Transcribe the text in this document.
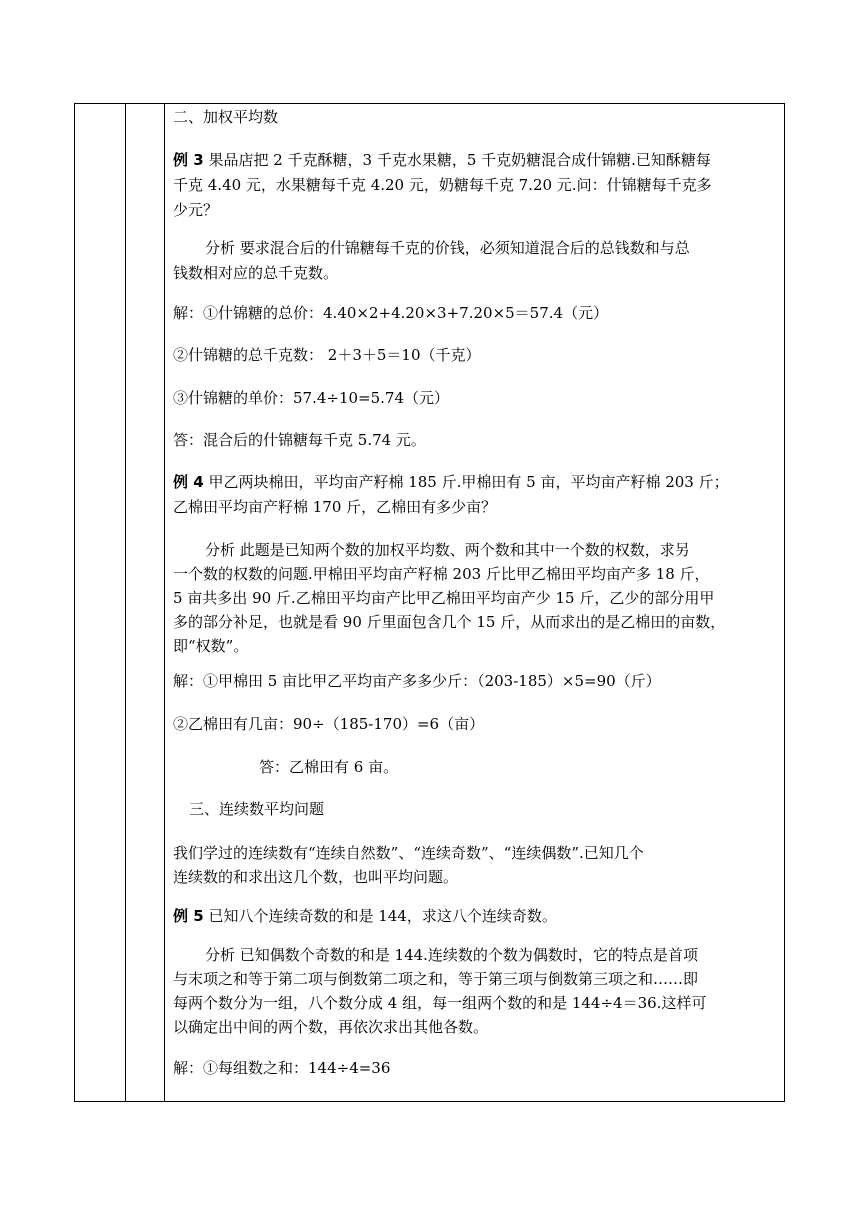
二、加权平均数
例 3 果品店把 2 千克酥糖，3 千克水果糖，5 千克奶糖混合成什锦糖.已知酥糖每
千克 4.40 元，水果糖每千克 4.20 元，奶糖每千克 7.20 元.问：什锦糖每千克多
少元？
分析 要求混合后的什锦糖每千克的价钱，必须知道混合后的总钱数和与总
钱数相对应的总千克数。
解：①什锦糖的总价：4.40×2+4.20×3+7.20×5＝57.4（元）
②什锦糖的总千克数： 2＋3＋5＝10（千克）
③什锦糖的单价：57.4÷10=5.74（元）
答：混合后的什锦糖每千克 5.74 元。
例 4 甲乙两块棉田，平均亩产籽棉 185 斤.甲棉田有 5 亩，平均亩产籽棉 203 斤；
乙棉田平均亩产籽棉 170 斤，乙棉田有多少亩？
分析 此题是已知两个数的加权平均数、两个数和其中一个数的权数，求另
一个数的权数的问题.甲棉田平均亩产籽棉 203 斤比甲乙棉田平均亩产多 18 斤，
5 亩共多出 90 斤.乙棉田平均亩产比甲乙棉田平均亩产少 15 斤，乙少的部分用甲
多的部分补足，也就是看 90 斤里面包含几个 15 斤，从而求出的是乙棉田的亩数，
即“权数”。
解：①甲棉田 5 亩比甲乙平均亩产多多少斤：（203-185）×5=90（斤）
②乙棉田有几亩：90÷（185-170）=6（亩）
答：乙棉田有 6 亩。
三、连续数平均问题
我们学过的连续数有“连续自然数”、“连续奇数”、“连续偶数”.已知几个
连续数的和求出这几个数，也叫平均问题。
例 5 已知八个连续奇数的和是 144，求这八个连续奇数。
分析 已知偶数个奇数的和是 144.连续数的个数为偶数时，它的特点是首项
与末项之和等于第二项与倒数第二项之和，等于第三项与倒数第三项之和……即
每两个数分为一组，八个数分成 4 组，每一组两个数的和是 144÷4＝36.这样可
以确定出中间的两个数，再依次求出其他各数。
解：①每组数之和：144÷4=36
